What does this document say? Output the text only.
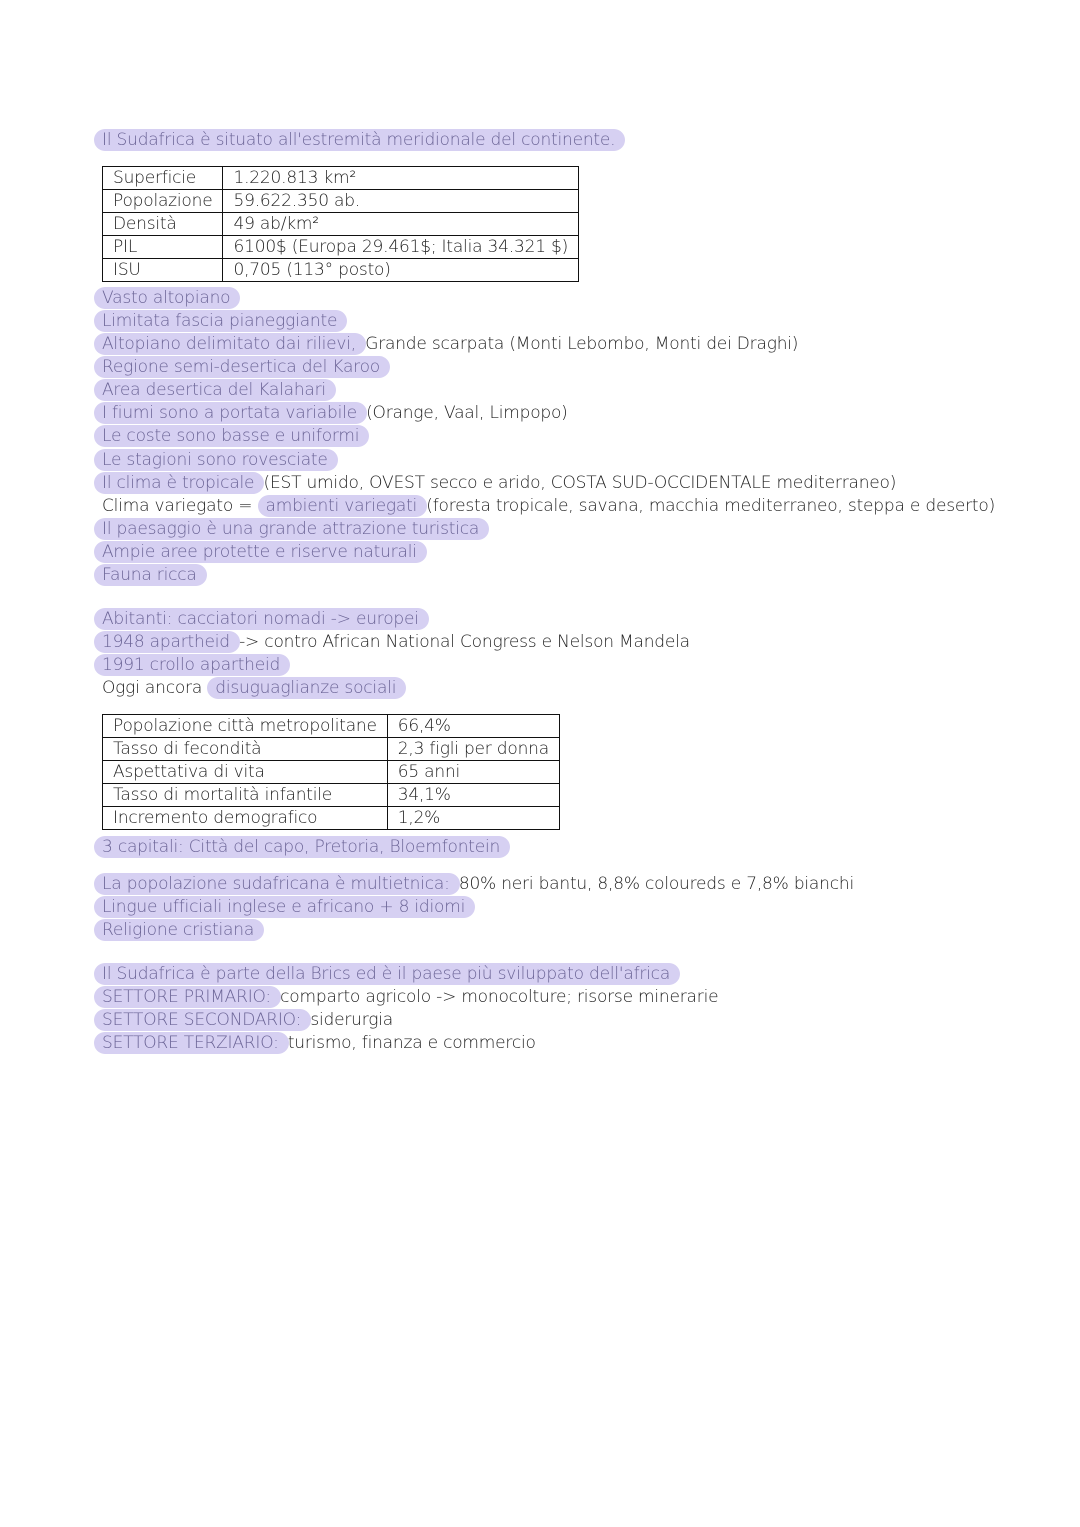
Il Sudafrica è situato all'estremità meridionale del continente.
Superficie	1.220.813 km²
Popolazione	59.622.350 ab.
Densità	49 ab/km²
PIL	6100$ (Europa 29.461$; Italia 34.321 $)
ISU	0,705 (113° posto)
Vasto altopiano
Limitata fascia pianeggiante
Altopiano delimitato dai rilievi, Grande scarpata (Monti Lebombo, Monti dei Draghi)
Regione semi-desertica del Karoo
Area desertica del Kalahari
I fiumi sono a portata variabile (Orange, Vaal, Limpopo)
Le coste sono basse e uniformi
Le stagioni sono rovesciate
Il clima è tropicale (EST umido, OVEST secco e arido, COSTA SUD-OCCIDENTALE mediterraneo)
Clima variegato = ambienti variegati (foresta tropicale, savana, macchia mediterraneo, steppa e deserto)
Il paesaggio è una grande attrazione turistica
Ampie aree protette e riserve naturali
Fauna ricca
Abitanti: cacciatori nomadi -> europei
1948 apartheid -> contro African National Congress e Nelson Mandela
1991 crollo apartheid
Oggi ancora disuguaglianze sociali
Popolazione città metropolitane	66,4%
Tasso di fecondità	2,3 figli per donna
Aspettativa di vita	65 anni
Tasso di mortalità infantile	34,1%
Incremento demografico	1,2%
3 capitali: Città del capo, Pretoria, Bloemfontein
La popolazione sudafricana è multietnica: 80% neri bantu, 8,8% coloureds e 7,8% bianchi
Lingue ufficiali inglese e africano + 8 idiomi
Religione cristiana
Il Sudafrica è parte della Brics ed è il paese più sviluppato dell'africa
SETTORE PRIMARIO: comparto agricolo -> monocolture; risorse minerarie
SETTORE SECONDARIO: siderurgia
SETTORE TERZIARIO: turismo, finanza e commercio
